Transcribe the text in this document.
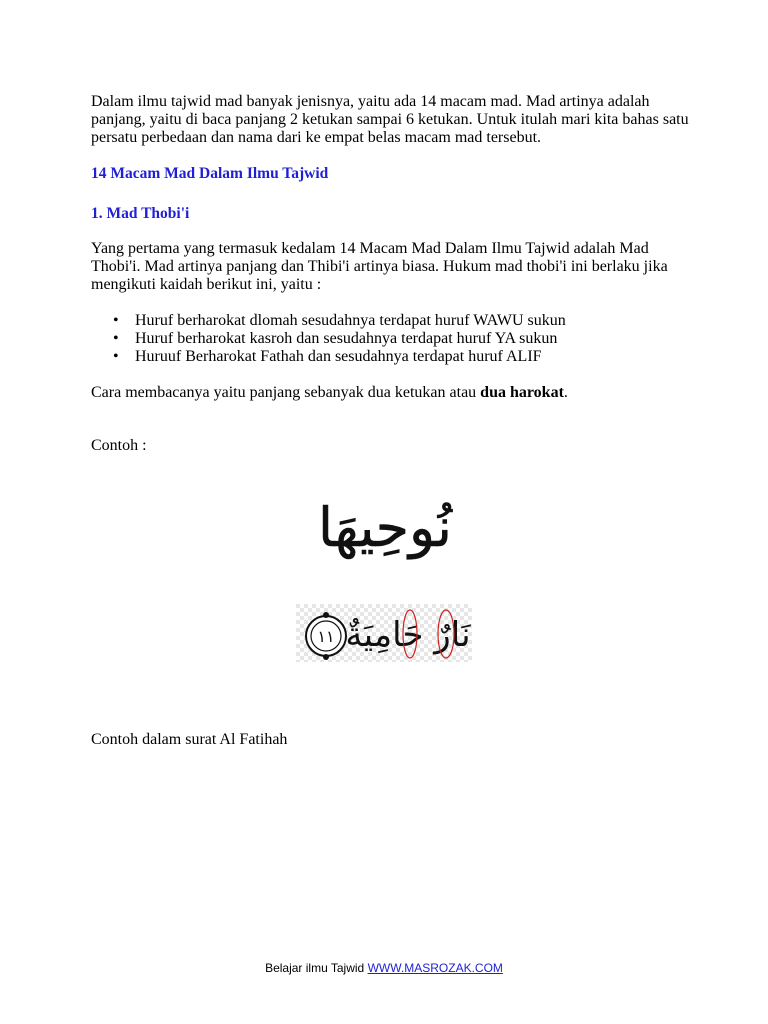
Dalam ilmu tajwid mad banyak jenisnya, yaitu ada 14 macam mad. Mad artinya adalah panjang, yaitu di baca panjang 2 ketukan sampai 6 ketukan. Untuk itulah mari kita bahas satu persatu perbedaan dan nama dari ke empat belas macam mad tersebut.

14 Macam Mad Dalam Ilmu Tajwid
1. Mad Thobi'i

Yang pertama yang termasuk kedalam 14 Macam Mad Dalam Ilmu Tajwid adalah Mad Thobi'i. Mad artinya panjang dan Thibi'i artinya biasa. Hukum mad thobi'i ini berlaku jika mengikuti kaidah berikut ini, yaitu :

• Huruf berharokat dlomah sesudahnya terdapat huruf WAWU sukun
• Huruf berharokat kasroh dan sesudahnya terdapat huruf YA sukun
• Huruuf Berharokat Fathah dan sesudahnya terdapat huruf ALIF

Cara membacanya yaitu panjang sebanyak dua ketukan atau dua harokat.

Contoh :

نُوحِيهَا
١١ نَارٌ حَامِيَةٌ

Contoh dalam surat Al Fatihah

Belajar ilmu Tajwid WWW.MASROZAK.COM
